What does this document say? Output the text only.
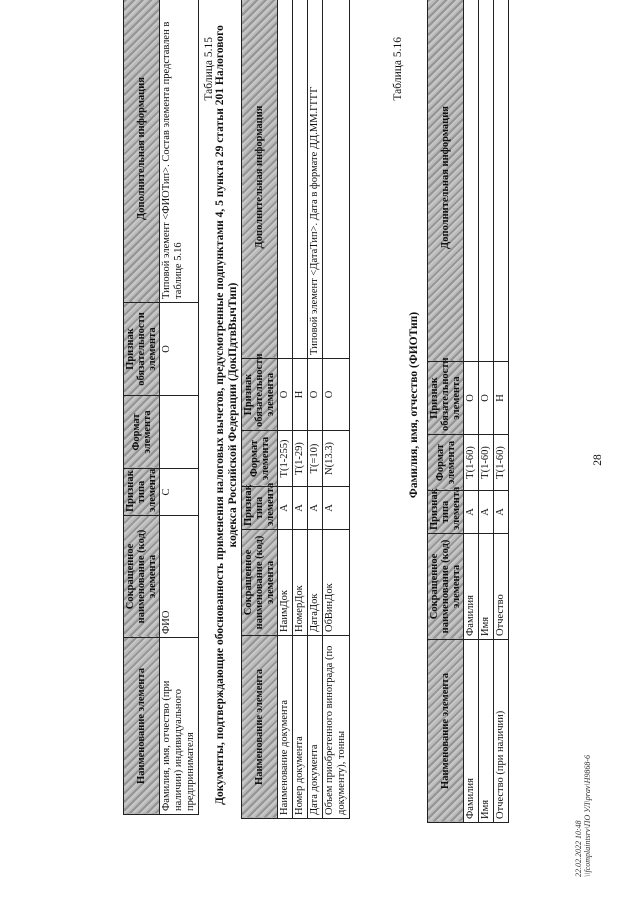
28
Наименование элемента	Сокращенное наименование (код) элемента	Признак типа элемента	Формат элемента	Признак обязательности элемента	Дополнительная информация
Фамилия, имя, отчество (при наличии) индивидуального предпринимателя	ФИО	С		О	Типовой элемент <ФИОТип>. Состав элемента представлен в таблице 5.16
Таблица 5.15 Документы, подтверждающие обоснованность применения налоговых вычетов, предусмотренные подпунктами 4, 5 пункта 29 статьи 201 Налогового кодекса Российской Федерации (ДокПдтвВычТип)
Наименование элемента	Сокращенное наименование (код) элемента	Признак типа элемента	Формат элемента	Признак обязательности элемента	Дополнительная информация
Наименование документа	НаимДок	А	T(1-255)	О	
Номер документа	НомерДок	А	T(1-29)	Н	
Дата документа	ДатаДок	А	T(=10)	О	Типовой элемент <ДатаТип>. Дата в формате ДД.ММ.ГГГГ
Объем приобретенного винограда (по документу), тонны	ОбВинДок	А	N(13.3)	О	
Таблица 5.16
Фамилия, имя, отчество (ФИОТип)
Наименование элемента	Сокращенное наименование (код) элемента	Признак типа элемента	Формат элемента	Признак обязательности элемента	Дополнительная информация
Фамилия	Фамилия	А	T(1-60)	О	
Имя	Имя	А	T(1-60)	О	
Отчество (при наличии)	Отчество	А	T(1-60)	Н	
22.02.2022 10:48 \\fcomplaintsrv\ПО УЛ\prav\Н9868-6
